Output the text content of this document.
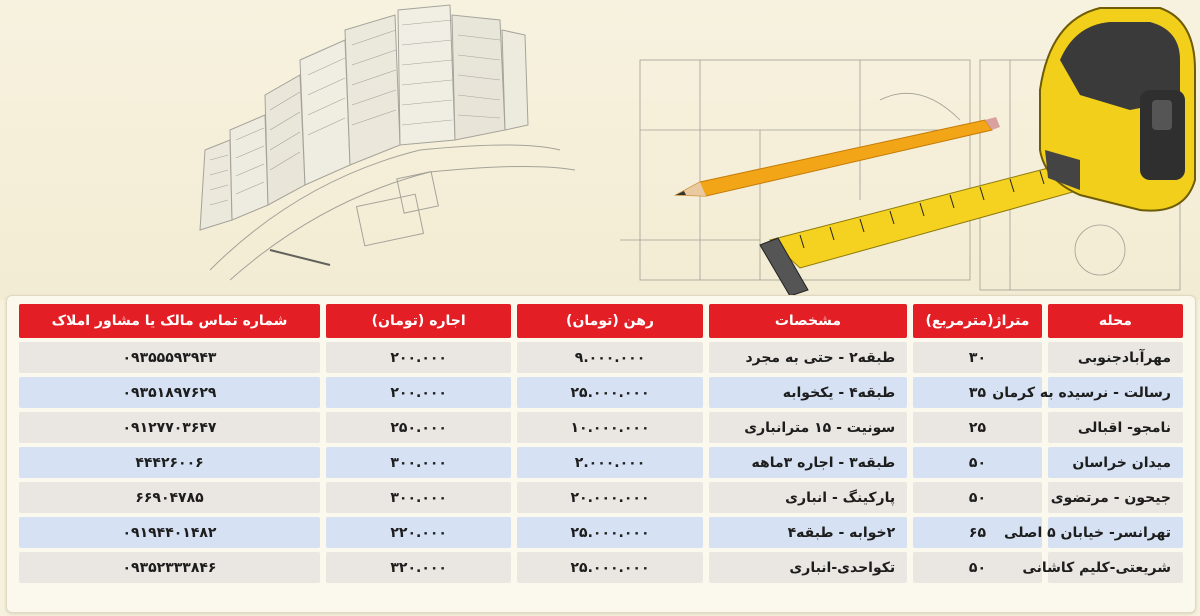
محله	متراژ(مترمربع)	مشخصات	رهن (تومان)	اجاره (تومان)	شماره تماس مالک یا مشاور املاک
مهرآبادجنوبی	۳۰	طبقه۲ - حتی به مجرد	۹.۰۰۰.۰۰۰	۲۰۰.۰۰۰	۰۹۳۵۵۵۹۳۹۴۳
رسالت - نرسیده به کرمان	۳۵	طبقه۴ - یکخوابه	۲۵.۰۰۰.۰۰۰	۲۰۰.۰۰۰	۰۹۳۵۱۸۹۷۶۲۹
نامجو- اقبالی	۲۵	سونیت - ۱۵ مترانباری	۱۰.۰۰۰.۰۰۰	۲۵۰.۰۰۰	۰۹۱۲۷۷۰۳۶۴۷
میدان خراسان	۵۰	طبقه۳ - اجاره ۳ماهه	۲.۰۰۰.۰۰۰	۳۰۰.۰۰۰	۴۴۴۲۶۰۰۶
جیحون - مرتضوی	۵۰	پارکینگ - انباری	۲۰.۰۰۰.۰۰۰	۳۰۰.۰۰۰	۶۶۹۰۴۷۸۵
تهرانسر- خیابان ۵ اصلی	۶۵	۲خوابه - طبقه۴	۲۵.۰۰۰.۰۰۰	۲۲۰.۰۰۰	۰۹۱۹۴۴۰۱۴۸۲
شریعتی-کلیم کاشانی	۵۰	تکواحدی-انباری	۲۵.۰۰۰.۰۰۰	۳۲۰.۰۰۰	۰۹۳۵۲۳۳۳۸۴۶
